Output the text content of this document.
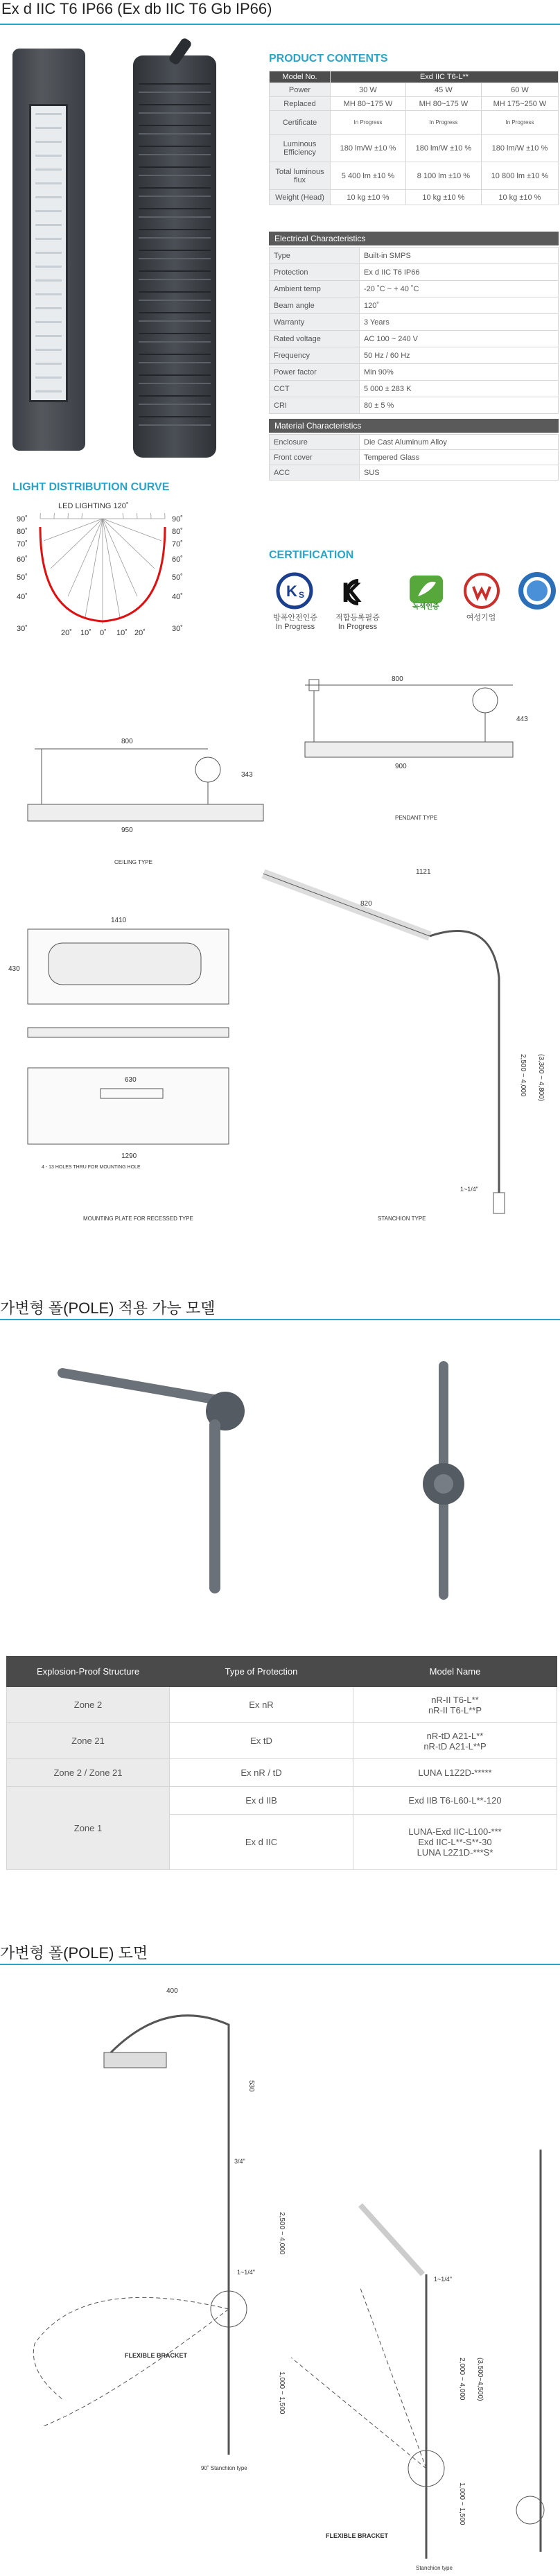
Ex d IIC T6 IP66 (Ex db IIC T6 Gb IP66)
PRODUCT CONTENTS
Model No.	Exd IIC T6-L**		
Power	30 W	45 W	60 W
Replaced	MH 80~175 W	MH 80~175 W	MH 175~250 W
Certificate	In Progress	In Progress	In Progress
Luminous Efficiency	180 lm/W ±10 %	180 lm/W ±10 %	180 lm/W ±10 %
Total luminous flux	5 400 lm ±10 %	8 100 lm ±10 %	10 800 lm ±10 %
Weight (Head)	10 kg ±10 %	10 kg ±10 %	10 kg ±10 %
Electrical Characteristics
Type	Built-in SMPS
Protection	Ex d IIC T6 IP66
Ambient temp	-20 ˚C ~ + 40 ˚C
Beam angle	120˚
Warranty	3 Years
Rated voltage	AC 100 ~ 240 V
Frequency	50 Hz / 60 Hz
Power factor	Min 90%
CCT	5 000 ± 283 K
CRI	80 ± 5 %
Material Characteristics
Enclosure	Die Cast Aluminum Alloy
Front cover	Tempered Glass
ACC	SUS
LIGHT DISTRIBUTION CURVE
LED LIGHTING 120˚
90˚
80˚
70˚
60˚
50˚
40˚
30˚
90˚
80˚
70˚
60˚
50˚
40˚
30˚
20˚ 10˚ 0˚ 10˚ 20˚
CERTIFICATION
K S K	녹색인증
방폭안전인증
In Progress
적합등록필증
In Progress
여성기업
800
900
443
PENDANT TYPE
800
950
343
CEILING TYPE
1410
430
630
1290
4 - 13 HOLES THRU FOR MOUNTING HOLE
MOUNTING PLATE FOR RECESSED TYPE
1121
820
2,500 ~ 4,000 (3,300 ~ 4,800)
1~1/4"
STANCHION TYPE
가변형 폴(POLE) 적용 가능 모델
Explosion-Proof Structure	Type of Protection	Model Name
Zone 2	Ex nR	nR-II T6-L**
nR-II T6-L**P

Zone 21	Ex tD	nR-tD A21-L**
nR-tD A21-L**P

Zone 2 / Zone 21	Ex nR / tD	LUNA L1Z2D-*****

Zone 1	Ex d IIB	Exd IIB T6-L60-L**-120

	Ex d IIC	LUNA-Exd IIC-L100-***
Exd IIC-L**-S**-30
LUNA L2Z1D-***S*
가변형 폴(POLE) 도면
400
530
3/4"
1~1/4"
2,500 ~ 4,000
1,000 ~ 1,500
FLEXIBLE BRACKET
90˚ Stanchion type
1~1/4"
2,000 ~ 4,000 (3,500~4,500)
1,000 ~ 1,500
FLEXIBLE BRACKET
Stanchion type
